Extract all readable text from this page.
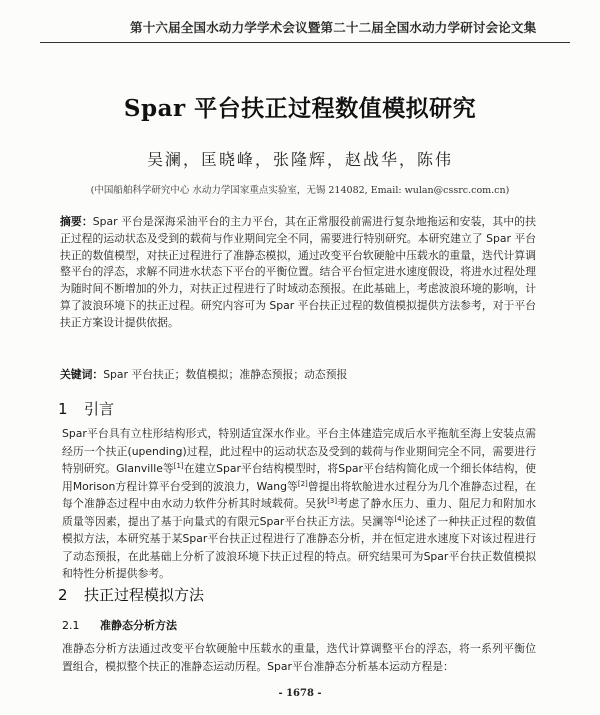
第十六届全国水动力学学术会议暨第二十二届全国水动力学研讨会论文集
Spar 平台扶正过程数值模拟研究
吴澜，匡晓峰，张隆辉，赵战华，陈伟
(中国船舶科学研究中心 水动力学国家重点实验室，无锡 214082, Email: wulan@cssrc.com.cn)
摘要：Spar 平台是深海采油平台的主力平台，其在正常服役前需进行复杂地拖运和安装，其中的扶正过程的运动状态及受到的载荷与作业期间完全不同，需要进行特别研究。本研究建立了 Spar 平台扶正的数值模型，对扶正过程进行了准静态模拟，通过改变平台软硬舱中压载水的重量，迭代计算调整平台的浮态，求解不同进水状态下平台的平衡位置。结合平台恒定进水速度假设，将进水过程处理为随时间不断增加的外力，对扶正过程进行了时域动态预报。在此基础上，考虑波浪环境的影响，计算了波浪环境下的扶正过程。研究内容可为 Spar 平台扶正过程的数值模拟提供方法参考，对于平台扶正方案设计提供依据。
关键词：Spar 平台扶正；数值模拟；准静态预报；动态预报
1 引言
Spar平台具有立柱形结构形式，特别适宜深水作业。平台主体建造完成后水平拖航至海上安装点需经历一个扶正(upending)过程，此过程中的运动状态及受到的载荷与作业期间完全不同，需要进行特别研究。Glanville等[1]在建立Spar平台结构模型时，将Spar平台结构简化成一个细长体结构，使用Morison方程计算平台受到的波浪力，Wang等[2]曾提出将软舱进水过程分为几个准静态过程，在每个准静态过程中由水动力软件分析其时域载荷。吴狄[3]考虑了静水压力、重力、阻尼力和附加水质量等因素，提出了基于向量式的有限元Spar平台扶正方法。吴澜等[4]论述了一种扶正过程的数值模拟方法，本研究基于某Spar平台扶正过程进行了准静态分析，并在恒定进水速度下对该过程进行了动态预报，在此基础上分析了波浪环境下扶正过程的特点。研究结果可为Spar平台扶正数值模拟和特性分析提供参考。
2 扶正过程模拟方法
2.1 准静态分析方法
准静态分析方法通过改变平台软硬舱中压载水的重量，迭代计算调整平台的浮态，将一系列平衡位置组合，模拟整个扶正的准静态运动历程。Spar平台准静态分析基本运动方程是：
- 1678 -
